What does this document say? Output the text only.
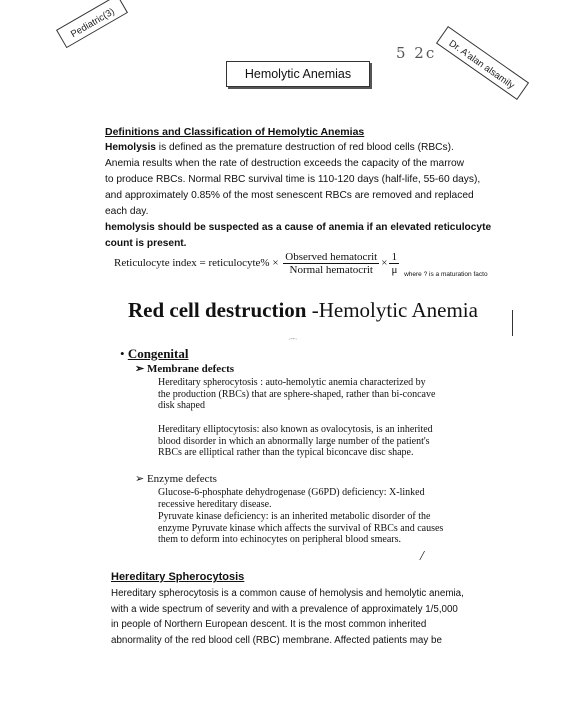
Pediatric(3)
Dr. A'alan alsamily
5 2c
Hemolytic Anemias
Definitions and Classification of Hemolytic Anemias
Hemolysis is defined as the premature destruction of red blood cells (RBCs).
Anemia results when the rate of destruction exceeds the capacity of the marrow
to produce RBCs. Normal RBC survival time is 110-120 days (half-life, 55-60 days),
and approximately 0.85% of the most senescent RBCs are removed and replaced
each day.
hemolysis should be suspected as a cause of anemia if an elevated reticulocyte
count is present.
Reticulocyte index = reticulocyte% × $\frac{\text{Observed hematocrit}}{\text{Normal hematocrit}} \times \frac{1}{\mu} _{where ? is a maturation facto}$
Red cell destruction -Hemolytic Anemia
·‐-·
• Congenital
➢ Membrane defects
Hereditary spherocytosis : auto-hemolytic anemia characterized by
the production (RBCs) that are sphere-shaped, rather than bi-concave
disk shaped
Hereditary elliptocytosis: also known as ovalocytosis, is an inherited
blood disorder in which an abnormally large number of the patient's
RBCs are elliptical rather than the typical biconcave disc shape.
➢ Enzyme defects
Glucose-6-phosphate dehydrogenase (G6PD) deficiency: X-linked
recessive hereditary disease.
Pyruvate kinase deficiency: is an inherited metabolic disorder of the
enzyme Pyruvate kinase which affects the survival of RBCs and causes
them to deform into echinocytes on peripheral blood smears.
/
Hereditary Spherocytosis
Hereditary spherocytosis is a common cause of hemolysis and hemolytic anemia,
with a wide spectrum of severity and with a prevalence of approximately 1/5,000
in people of Northern European descent. It is the most common inherited
abnormality of the red blood cell (RBC) membrane. Affected patients may be
